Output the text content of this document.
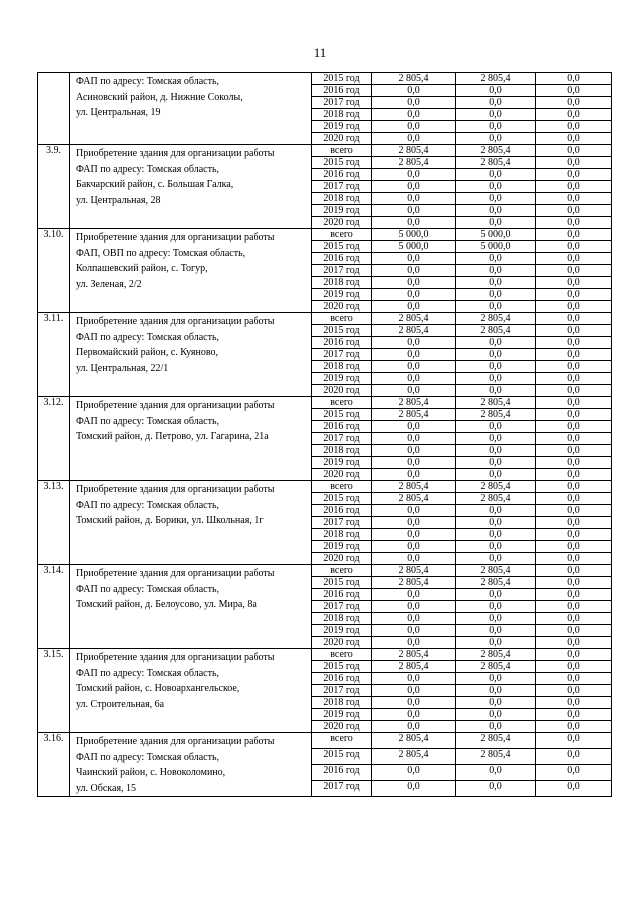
11

	ФАП по адресу: Томская область,
Асиновский район, д. Нижние Соколы,
ул. Центральная, 19	2015 год	2 805,4	2 805,4	0,0
		2016 год	0,0	0,0	0,0
		2017 год	0,0	0,0	0,0
		2018 год	0,0	0,0	0,0
		2019 год	0,0	0,0	0,0
		2020 год	0,0	0,0	0,0
3.9.	Приобретение здания для организации работы
ФАП по адресу: Томская область,
Бакчарский район, с. Большая Галка,
ул. Центральная, 28	всего	2 805,4	2 805,4	0,0
		2015 год	2 805,4	2 805,4	0,0
		2016 год	0,0	0,0	0,0
		2017 год	0,0	0,0	0,0
		2018 год	0,0	0,0	0,0
		2019 год	0,0	0,0	0,0
		2020 год	0,0	0,0	0,0
3.10.	Приобретение здания для организации работы
ФАП, ОВП по адресу: Томская область,
Колпашевский район, с. Тогур,
ул. Зеленая, 2/2	всего	5 000,0	5 000,0	0,0
		2015 год	5 000,0	5 000,0	0,0
		2016 год	0,0	0,0	0,0
		2017 год	0,0	0,0	0,0
		2018 год	0,0	0,0	0,0
		2019 год	0,0	0,0	0,0
		2020 год	0,0	0,0	0,0
3.11.	Приобретение здания для организации работы
ФАП по адресу: Томская область,
Первомайский район, с. Куяново,
ул. Центральная, 22/1	всего	2 805,4	2 805,4	0,0
		2015 год	2 805,4	2 805,4	0,0
		2016 год	0,0	0,0	0,0
		2017 год	0,0	0,0	0,0
		2018 год	0,0	0,0	0,0
		2019 год	0,0	0,0	0,0
		2020 год	0,0	0,0	0,0
3.12.	Приобретение здания для организации работы
ФАП по адресу: Томская область,
Томский район, д. Петрово, ул. Гагарина, 21а	всего	2 805,4	2 805,4	0,0
		2015 год	2 805,4	2 805,4	0,0
		2016 год	0,0	0,0	0,0
		2017 год	0,0	0,0	0,0
		2018 год	0,0	0,0	0,0
		2019 год	0,0	0,0	0,0
		2020 год	0,0	0,0	0,0
3.13.	Приобретение здания для организации работы
ФАП по адресу: Томская область,
Томский район, д. Борики, ул. Школьная, 1г	всего	2 805,4	2 805,4	0,0
		2015 год	2 805,4	2 805,4	0,0
		2016 год	0,0	0,0	0,0
		2017 год	0,0	0,0	0,0
		2018 год	0,0	0,0	0,0
		2019 год	0,0	0,0	0,0
		2020 год	0,0	0,0	0,0
3.14.	Приобретение здания для организации работы
ФАП по адресу: Томская область,
Томский район, д. Белоусово, ул. Мира, 8а	всего	2 805,4	2 805,4	0,0
		2015 год	2 805,4	2 805,4	0,0
		2016 год	0,0	0,0	0,0
		2017 год	0,0	0,0	0,0
		2018 год	0,0	0,0	0,0
		2019 год	0,0	0,0	0,0
		2020 год	0,0	0,0	0,0
3.15.	Приобретение здания для организации работы
ФАП по адресу: Томская область,
Томский район, с. Новоархангельское,
ул. Строительная, 6а	всего	2 805,4	2 805,4	0,0
		2015 год	2 805,4	2 805,4	0,0
		2016 год	0,0	0,0	0,0
		2017 год	0,0	0,0	0,0
		2018 год	0,0	0,0	0,0
		2019 год	0,0	0,0	0,0
		2020 год	0,0	0,0	0,0
3.16.	Приобретение здания для организации работы
ФАП по адресу: Томская область,
Чаинский район, с. Новоколомино,
ул. Обская, 15	всего	2 805,4	2 805,4	0,0
		2015 год	2 805,4	2 805,4	0,0
		2016 год	0,0	0,0	0,0
		2017 год	0,0	0,0	0,0
